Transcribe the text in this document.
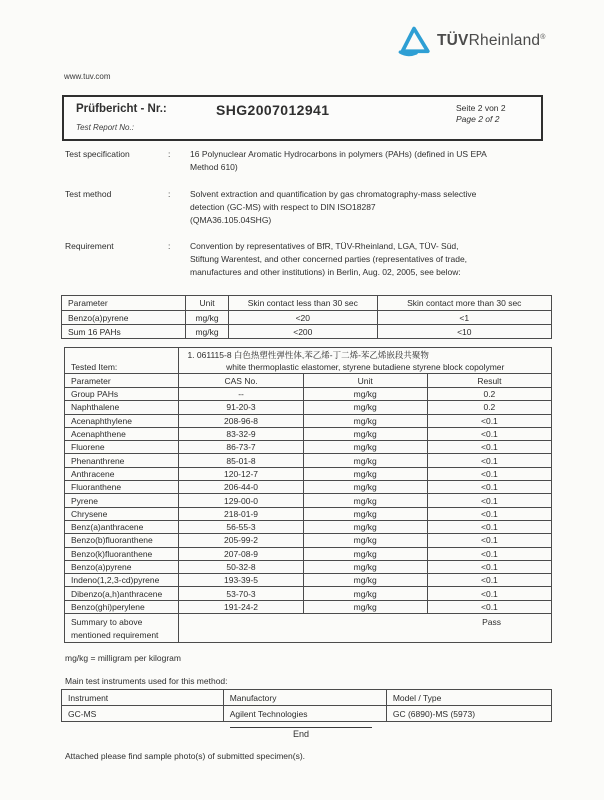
www.tuv.com
TÜVRheinland®
Prüfbericht - Nr.:
Test Report No.:
SHG2007012941	Seite 2 von 2
Page 2 of 2
Test specification	:	16 Polynuclear Aromatic Hydrocarbons in polymers (PAHs) (defined in US EPA
Method 610)
Test method	:	Solvent extraction and quantification by gas chromatography-mass selective
detection (GC-MS) with respect to DIN ISO18287
(QMA36.105.04SHG)
Requirement	:	Convention by representatives of BfR, TÜV-Rheinland, LGA, TÜV- Süd,
Stiftung Warentest, and other concerned parties (representatives of trade,
manufactures and other institutions) in Berlin, Aug. 02, 2005, see below:
Parameter	Unit	Skin contact less than 30 sec	Skin contact more than 30 sec
Benzo(a)pyrene	mg/kg	<20	<1
Sum 16 PAHs	mg/kg	<200	<10
Tested Item:	1. 061115-8 白色热塑性弹性体,苯乙烯-丁二烯-苯乙烯嵌段共聚物
white thermoplastic elastomer, styrene butadiene styrene block copolymer		

Parameter	CAS No.	Unit	Result
Group PAHs	--	mg/kg	0.2
Naphthalene	91-20-3	mg/kg	0.2
Acenaphthylene	208-96-8	mg/kg	<0.1
Acenaphthene	83-32-9	mg/kg	<0.1
Fluorene	86-73-7	mg/kg	<0.1
Phenanthrene	85-01-8	mg/kg	<0.1
Anthracene	120-12-7	mg/kg	<0.1
Fluoranthene	206-44-0	mg/kg	<0.1
Pyrene	129-00-0	mg/kg	<0.1
Chrysene	218-01-9	mg/kg	<0.1
Benz(a)anthracene	56-55-3	mg/kg	<0.1
Benzo(b)fluoranthene	205-99-2	mg/kg	<0.1
Benzo(k)fluoranthene	207-08-9	mg/kg	<0.1
Benzo(a)pyrene	50-32-8	mg/kg	<0.1
Indeno(1,2,3-cd)pyrene	193-39-5	mg/kg	<0.1
Dibenzo(a,h)anthracene	53-70-3	mg/kg	<0.1
Benzo(ghi)perylene	191-24-2	mg/kg	<0.1

Summary to above
mentioned requirement	Pass		
mg/kg = milligram per kilogram
Main test instruments used for this method:
Instrument	Manufactory	Model / Type
GC-MS	Agilent Technologies	GC (6890)-MS (5973)
End
Attached please find sample photo(s) of submitted specimen(s).
